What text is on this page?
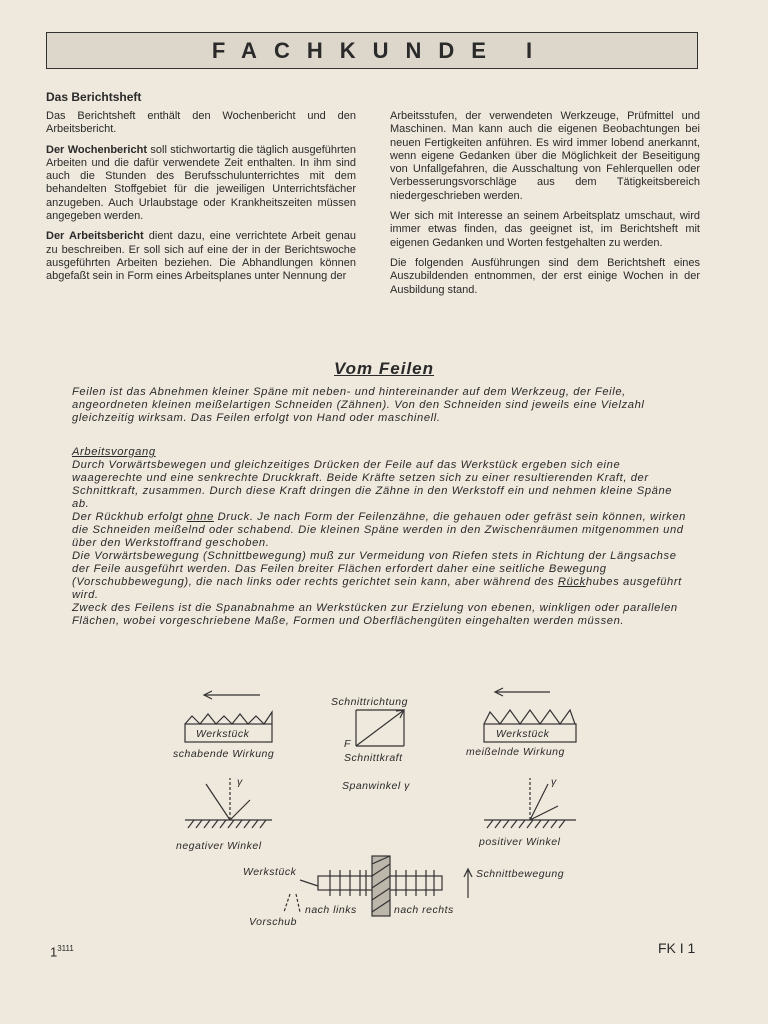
FACHKUNDE I
Das Berichtsheft

Das Berichtsheft enthält den Wochenbericht und den Arbeitsbericht.

Der Wochenbericht soll stichwortartig die täglich ausgeführten Arbeiten und die dafür verwendete Zeit enthalten. In ihm sind auch die Stunden des Berufsschulunterrichtes mit dem behandelten Stoffgebiet für die jeweiligen Unterrichtsfächer anzugeben. Auch Urlaubstage oder Krankheitszeiten müssen angegeben werden.

Der Arbeitsbericht dient dazu, eine verrichtete Arbeit genau zu beschreiben. Er soll sich auf eine der in der Berichtswoche ausgeführten Arbeiten beziehen. Die Abhandlungen können abgefaßt sein in Form eines Arbeitsplanes unter Nennung der

Arbeitsstufen, der verwendeten Werkzeuge, Prüfmittel und Maschinen. Man kann auch die eigenen Beobachtungen bei neuen Fertigkeiten anführen. Es wird immer lobend anerkannt, wenn eigene Gedanken über die Möglichkeit der Beseitigung von Unfallgefahren, die Ausschaltung von Fehlerquellen oder Verbesserungsvorschläge aus dem Tätigkeitsbereich niedergeschrieben werden.

Wer sich mit Interesse an seinem Arbeitsplatz umschaut, wird immer etwas finden, das geeignet ist, im Berichtsheft mit eigenen Gedanken und Worten festgehalten zu werden.

Die folgenden Ausführungen sind dem Berichtsheft eines Auszubildenden entnommen, der erst einige Wochen in der Ausbildung stand.

Vom Feilen

Feilen ist das Abnehmen kleiner Späne mit neben- und hintereinander auf dem Werkzeug, der Feile, angeordneten kleinen meißelartigen Schneiden (Zähnen). Von den Schneiden sind jeweils eine Vielzahl gleichzeitig wirksam. Das Feilen erfolgt von Hand oder maschinell.

Arbeitsvorgang

Durch Vorwärtsbewegen und gleichzeitiges Drücken der Feile auf das Werkstück ergeben sich eine waagerechte und eine senkrechte Druckkraft. Beide Kräfte setzen sich zu einer resultierenden Kraft, der Schnittkraft, zusammen. Durch diese Kraft dringen die Zähne in den Werkstoff ein und nehmen kleine Späne ab.

Der Rückhub erfolgt ohne Druck. Je nach Form der Feilenzähne, die gehauen oder gefräst sein können, wirken die Schneiden meißelnd oder schabend. Die kleinen Späne werden in den Zwischenräumen mitgenommen und über den Werkstoffrand geschoben.

Die Vorwärtsbewegung (Schnittbewegung) muß zur Vermeidung von Riefen stets in Richtung der Längsachse der Feile ausgeführt werden. Das Feilen breiter Flächen erfordert daher eine seitliche Bewegung (Vorschubbewegung), die nach links oder rechts gerichtet sein kann, aber während des Rückhubes ausgeführt wird.

Zweck des Feilens ist die Spanabnahme an Werkstücken zur Erzielung von ebenen, winkligen oder parallelen Flächen, wobei vorgeschriebene Maße, Formen und Oberflächengüten eingehalten werden müssen.

Werkstück
schabende Wirkung
Schnittrichtung
F
Schnittkraft
Werkstück
meißelnde Wirkung
γ	Spanwinkel γ	γ
negativer Winkel	positiver Winkel
Werkstück
nach links	nach rechts
Schnittbewegung
Vorschub
$1^{3111}$	FK I 1
